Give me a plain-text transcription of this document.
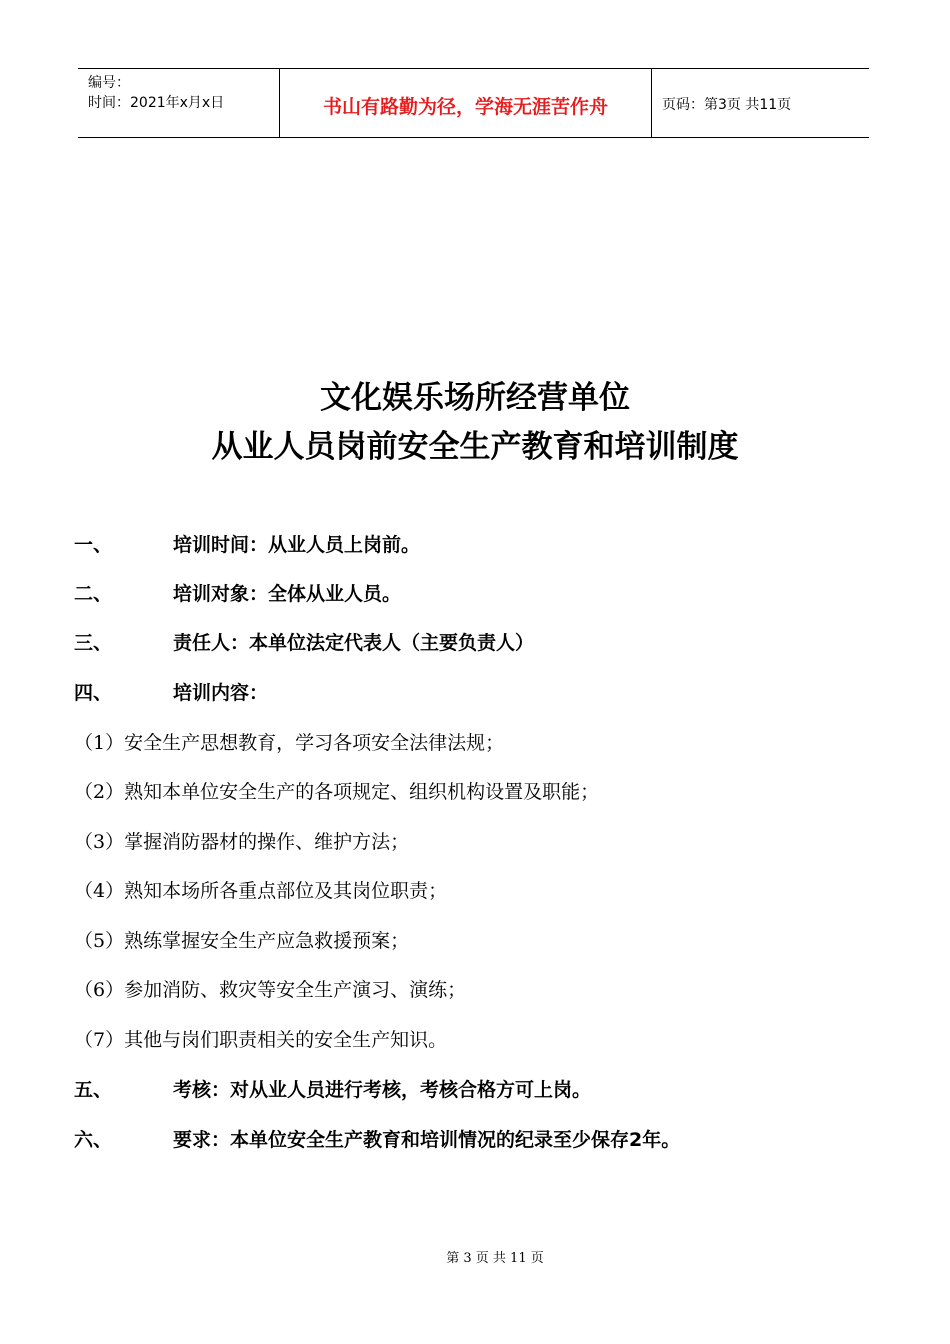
编号：
时间：2021年x月x日	书山有路勤为径，学海无涯苦作舟	页码：第3页 共11页
文化娱乐场所经营单位
从业人员岗前安全生产教育和培训制度
一、	培训时间：从业人员上岗前。
二、	培训对象：全体从业人员。
三、	责任人：本单位法定代表人（主要负责人）
四、	培训内容：
（1）安全生产思想教育，学习各项安全法律法规；
（2）熟知本单位安全生产的各项规定、组织机构设置及职能；
（3）掌握消防器材的操作、维护方法；
（4）熟知本场所各重点部位及其岗位职责；
（5）熟练掌握安全生产应急救援预案；
（6）参加消防、救灾等安全生产演习、演练；
（7）其他与岗们职责相关的安全生产知识。
五、	考核：对从业人员进行考核，考核合格方可上岗。
六、	要求：本单位安全生产教育和培训情况的纪录至少保存2年。
第 3 页 共 11 页
